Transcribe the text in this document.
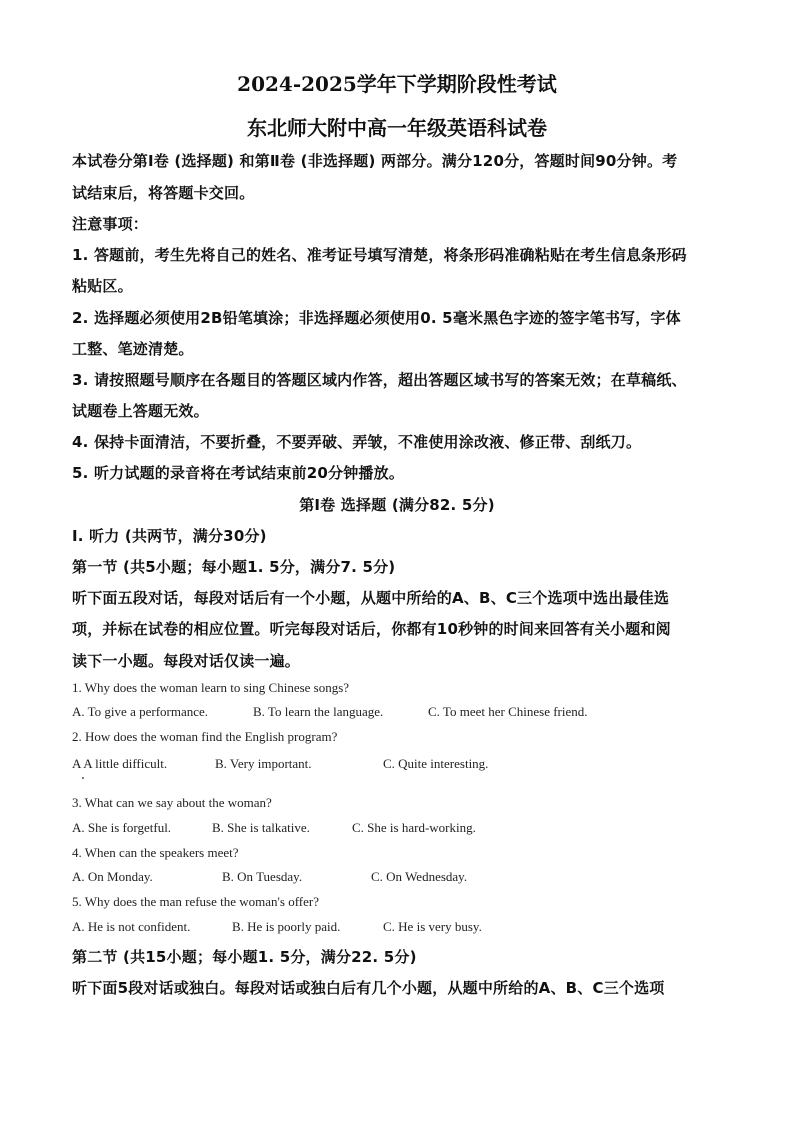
2024-2025学年下学期阶段性考试
东北师大附中高一年级英语科试卷
本试卷分第Ⅰ卷 (选择题) 和第Ⅱ卷 (非选择题) 两部分。满分120分，答题时间90分钟。考
试结束后，将答题卡交回。
注意事项：
1. 答题前，考生先将自己的姓名、准考证号填写清楚，将条形码准确粘贴在考生信息条形码
粘贴区。
2. 选择题必须使用2B铅笔填涂；非选择题必须使用0. 5毫米黑色字迹的签字笔书写，字体
工整、笔迹清楚。
3. 请按照题号顺序在各题目的答题区域内作答，超出答题区域书写的答案无效；在草稿纸、
试题卷上答题无效。
4. 保持卡面清洁，不要折叠，不要弄破、弄皱，不准使用涂改液、修正带、刮纸刀。
5. 听力试题的录音将在考试结束前20分钟播放。
第Ⅰ卷 选择题 (满分82. 5分)
I. 听力 (共两节，满分30分)
第一节 (共5小题；每小题1. 5分，满分7. 5分)
听下面五段对话，每段对话后有一个小题，从题中所给的A、B、C三个选项中选出最佳选
项，并标在试卷的相应位置。听完每段对话后，你都有10秒钟的时间来回答有关小题和阅
读下一小题。每段对话仅读一遍。
1. Why does the woman learn to sing Chinese songs?
A. To give a performance.	B. To learn the language.	C. To meet her Chinese friend.
2. How does the woman find the English program?
A A little difficult.	B. Very important.	C. Quite interesting.
3. What can we say about the woman?
A. She is forgetful.	B. She is talkative.	C. She is hard-working.
4. When can the speakers meet?
A. On Monday.	B. On Tuesday.	C. On Wednesday.
5. Why does the man refuse the woman's offer?
A. He is not confident.	B. He is poorly paid.	C. He is very busy.
第二节 (共15小题；每小题1. 5分，满分22. 5分)
听下面5段对话或独白。每段对话或独白后有几个小题，从题中所给的A、B、C三个选项
